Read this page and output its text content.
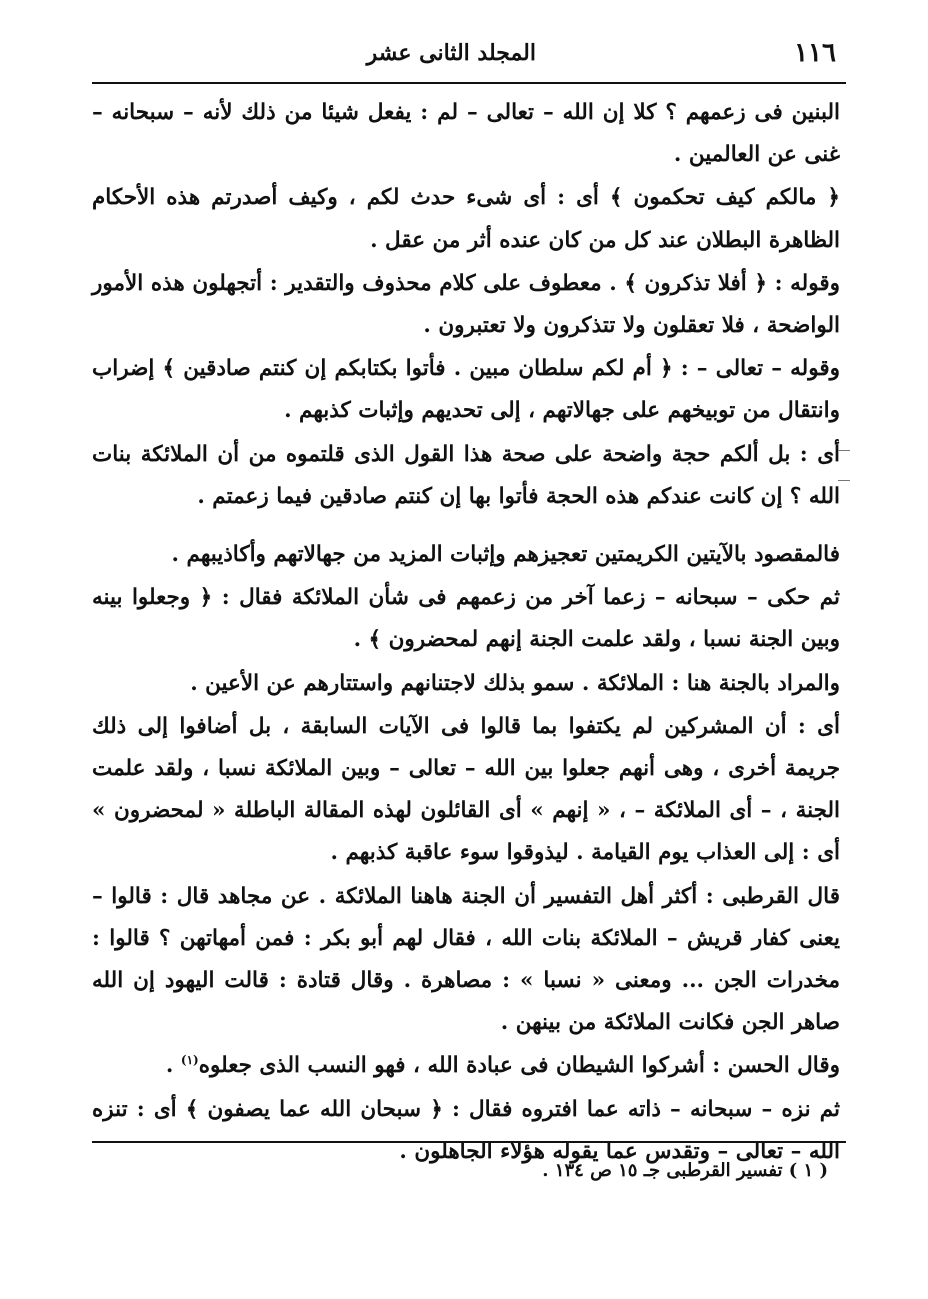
١١٦
المجلد الثانى عشر

البنين فى زعمهم ؟ كلا إن الله – تعالى – لم : يفعل شيئا من ذلك لأنه – سبحانه – غنى عن العالمين .

﴿ مالكم كيف تحكمون ﴾ أى : أى شىء حدث لكم ، وكيف أصدرتم هذه الأحكام الظاهرة البطلان عند كل من كان عنده أثر من عقل .

وقوله : ﴿ أفلا تذكرون ﴾ . معطوف على كلام محذوف والتقدير : أتجهلون هذه الأمور الواضحة ، فلا تعقلون ولا تتذكرون ولا تعتبرون .

وقوله – تعالى – : ﴿ أم لكم سلطان مبين . فأتوا بكتابكم إن كنتم صادقين ﴾ إضراب وانتقال من توبيخهم على جهالاتهم ، إلى تحديهم وإثبات كذبهم .

أى : بل ألكم حجة واضحة على صحة هذا القول الذى قلتموه من أن الملائكة بنات الله ؟ إن كانت عندكم هذه الحجة فأتوا بها إن كنتم صادقين فيما زعمتم .

فالمقصود بالآيتين الكريمتين تعجيزهم وإثبات المزيد من جهالاتهم وأكاذيبهم .

ثم حكى – سبحانه – زعما آخر من زعمهم فى شأن الملائكة فقال : ﴿ وجعلوا بينه وبين الجنة نسبا ، ولقد علمت الجنة إنهم لمحضرون ﴾ .

والمراد بالجنة هنا : الملائكة . سمو بذلك لاجتنانهم واستتارهم عن الأعين .

أى : أن المشركين لم يكتفوا بما قالوا فى الآيات السابقة ، بل أضافوا إلى ذلك جريمة أخرى ، وهى أنهم جعلوا بين الله – تعالى – وبين الملائكة نسبا ، ولقد علمت الجنة ، – أى الملائكة – ، « إنهم » أى القائلون لهذه المقالة الباطلة « لمحضرون » أى : إلى العذاب يوم القيامة . ليذوقوا سوء عاقبة كذبهم .

قال القرطبى : أكثر أهل التفسير أن الجنة هاهنا الملائكة . عن مجاهد قال : قالوا – يعنى كفار قريش – الملائكة بنات الله ، فقال لهم أبو بكر : فمن أمهاتهن ؟ قالوا : مخدرات الجن ... ومعنى « نسبا » : مصاهرة . وقال قتادة : قالت اليهود إن الله صاهر الجن فكانت الملائكة من بينهن .

وقال الحسن : أشركوا الشيطان فى عبادة الله ، فهو النسب الذى جعلوه$^{(١)}$ .

ثم نزه – سبحانه – ذاته عما افتروه فقال : ﴿ سبحان الله عما يصفون ﴾ أى : تنزه الله – تعالى – وتقدس عما يقوله هؤلاء الجاهلون .

( ١ ) تفسير القرطبى جـ ١٥ ص ١٣٤ .
